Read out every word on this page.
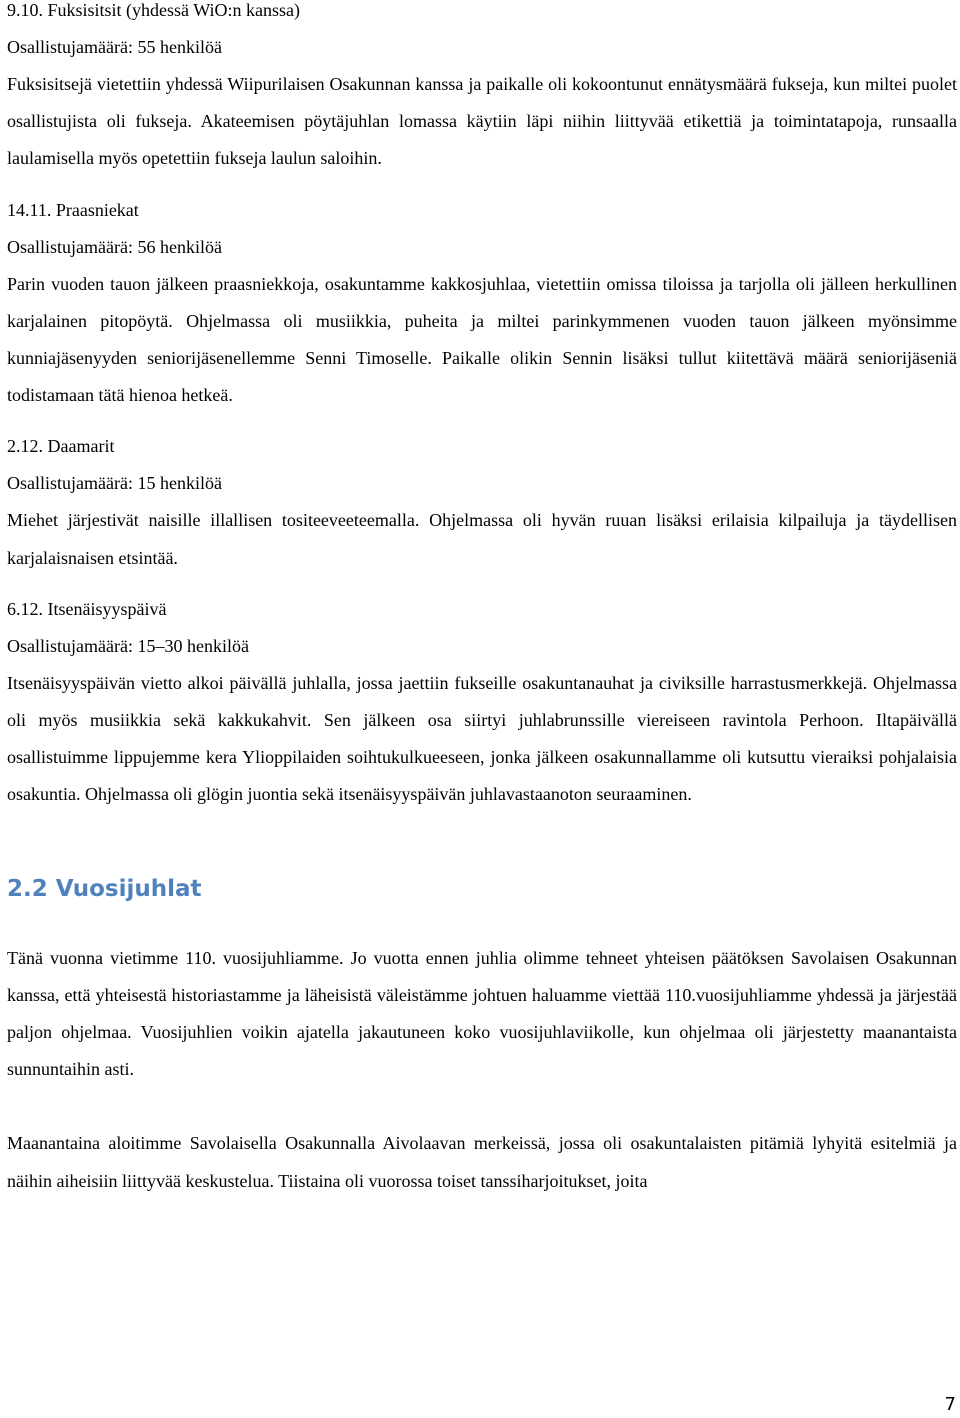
9.10. Fuksisitsit (yhdessä WiO:n kanssa)

Osallistujamäärä: 55 henkilöä

Fuksisitsejä vietettiin yhdessä Wiipurilaisen Osakunnan kanssa ja paikalle oli kokoontunut ennätysmäärä fukseja, kun miltei puolet osallistujista oli fukseja. Akateemisen pöytäjuhlan lomassa käytiin läpi niihin liittyvää etikettiä ja toimintatapoja, runsaalla laulamisella myös opetettiin fukseja laulun saloihin.

14.11. Praasniekat

Osallistujamäärä: 56 henkilöä

Parin vuoden tauon jälkeen praasniekkoja, osakuntamme kakkosjuhlaa, vietettiin omissa tiloissa ja tarjolla oli jälleen herkullinen karjalainen pitopöytä. Ohjelmassa oli musiikkia, puheita ja miltei parinkymmenen vuoden tauon jälkeen myönsimme kunniajäsenyyden seniorijäsenellemme Senni Timoselle. Paikalle olikin Sennin lisäksi tullut kiitettävä määrä seniorijäseniä todistamaan tätä hienoa hetkeä.

2.12. Daamarit

Osallistujamäärä: 15 henkilöä

Miehet järjestivät naisille illallisen tositeeveeteemalla. Ohjelmassa oli hyvän ruuan lisäksi erilaisia kilpailuja ja täydellisen karjalaisnaisen etsintää.

6.12. Itsenäisyyspäivä

Osallistujamäärä: 15–30 henkilöä

Itsenäisyyspäivän vietto alkoi päivällä juhlalla, jossa jaettiin fukseille osakuntanauhat ja civiksille harrastusmerkkejä. Ohjelmassa oli myös musiikkia sekä kakkukahvit. Sen jälkeen osa siirtyi juhlabrunssille viereiseen ravintola Perhoon. Iltapäivällä osallistuimme lippujemme kera Ylioppilaiden soihtukulkueeseen, jonka jälkeen osakunnallamme oli kutsuttu vieraiksi pohjalaisia osakuntia. Ohjelmassa oli glögin juontia sekä itsenäisyyspäivän juhlavastaanoton seuraaminen.

2.2 Vuosijuhlat

Tänä vuonna vietimme 110. vuosijuhliamme. Jo vuotta ennen juhlia olimme tehneet yhteisen päätöksen Savolaisen Osakunnan kanssa, että yhteisestä historiastamme ja läheisistä väleistämme johtuen haluamme viettää 110.vuosijuhliamme yhdessä ja järjestää paljon ohjelmaa. Vuosijuhlien voikin ajatella jakautuneen koko vuosijuhlaviikolle, kun ohjelmaa oli järjestetty maanantaista sunnuntaihin asti.

Maanantaina aloitimme Savolaisella Osakunnalla Aivolaavan merkeissä, jossa oli osakuntalaisten pitämiä lyhyitä esitelmiä ja näihin aiheisiin liittyvää keskustelua. Tiistaina oli vuorossa toiset tanssiharjoitukset, joita

7
